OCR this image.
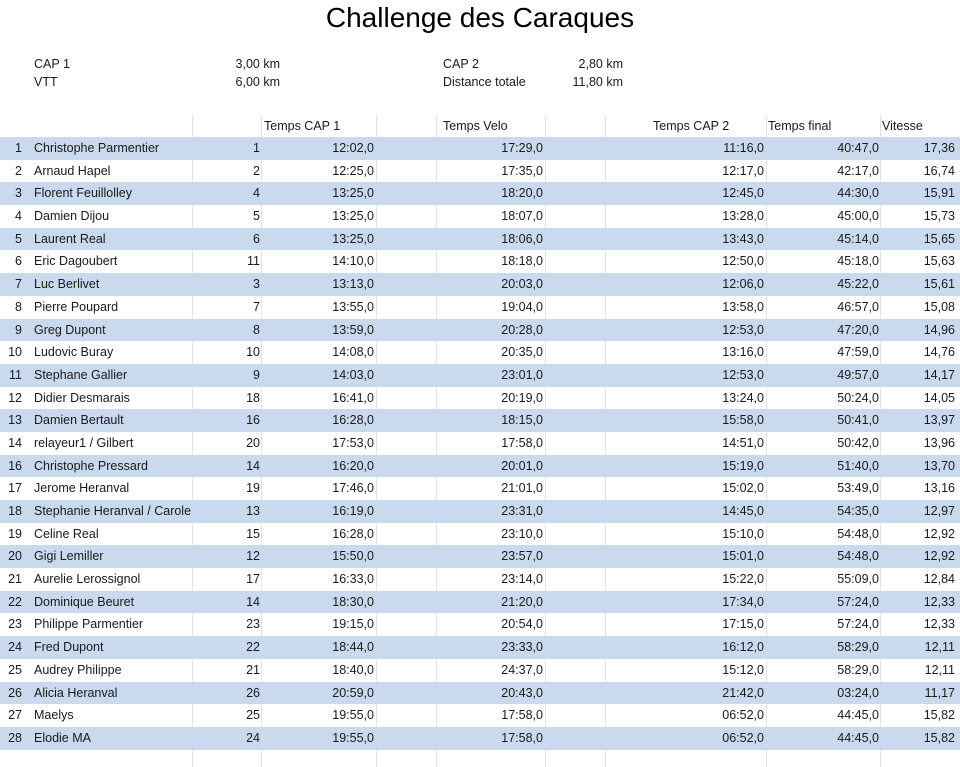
Challenge des Caraques
CAP 1	3,00 km
VTT	6,00 km
CAP 2	2,80 km
Distance totale	11,80 km
Temps CAP 1	Temps Velo	Temps CAP 2	Temps final	Vitesse
1 Christophe Parmentier	1	12:02,0	17:29,0	11:16,0	40:47,0	17,36
2 Arnaud Hapel	2	12:25,0	17:35,0	12:17,0	42:17,0	16,74
3 Florent Feuillolley	4	13:25,0	18:20,0	12:45,0	44:30,0	15,91
4 Damien Dijou	5	13:25,0	18:07,0	13:28,0	45:00,0	15,73
5 Laurent Real	6	13:25,0	18:06,0	13:43,0	45:14,0	15,65
6 Eric Dagoubert	11	14:10,0	18:18,0	12:50,0	45:18,0	15,63
7 Luc Berlivet	3	13:13,0	20:03,0	12:06,0	45:22,0	15,61
8 Pierre Poupard	7	13:55,0	19:04,0	13:58,0	46:57,0	15,08
9 Greg Dupont	8	13:59,0	20:28,0	12:53,0	47:20,0	14,96
10 Ludovic Buray	10	14:08,0	20:35,0	13:16,0	47:59,0	14,76
11 Stephane Gallier	9	14:03,0	23:01,0	12:53,0	49:57,0	14,17
12 Didier Desmarais	18	16:41,0	20:19,0	13:24,0	50:24,0	14,05
13 Damien Bertault	16	16:28,0	18:15,0	15:58,0	50:41,0	13,97
14 relayeur1 / Gilbert	20	17:53,0	17:58,0	14:51,0	50:42,0	13,96
16 Christophe Pressard	14	16:20,0	20:01,0	15:19,0	51:40,0	13,70
17 Jerome Heranval	19	17:46,0	21:01,0	15:02,0	53:49,0	13,16
18 Stephanie Heranval / Carole	13	16:19,0	23:31,0	14:45,0	54:35,0	12,97
19 Celine Real	15	16:28,0	23:10,0	15:10,0	54:48,0	12,92
20 Gigi Lemiller	12	15:50,0	23:57,0	15:01,0	54:48,0	12,92
21 Aurelie Lerossignol	17	16:33,0	23:14,0	15:22,0	55:09,0	12,84
22 Dominique Beuret	14	18:30,0	21:20,0	17:34,0	57:24,0	12,33
23 Philippe Parmentier	23	19:15,0	20:54,0	17:15,0	57:24,0	12,33
24 Fred Dupont	22	18:44,0	23:33,0	16:12,0	58:29,0	12,11
25 Audrey Philippe	21	18:40,0	24:37,0	15:12,0	58:29,0	12,11
26 Alicia Heranval	26	20:59,0	20:43,0	21:42,0	03:24,0	11,17
27 Maelys	25	19:55,0	17:58,0	06:52,0	44:45,0	15,82
28 Elodie MA	24	19:55,0	17:58,0	06:52,0	44:45,0	15,82
